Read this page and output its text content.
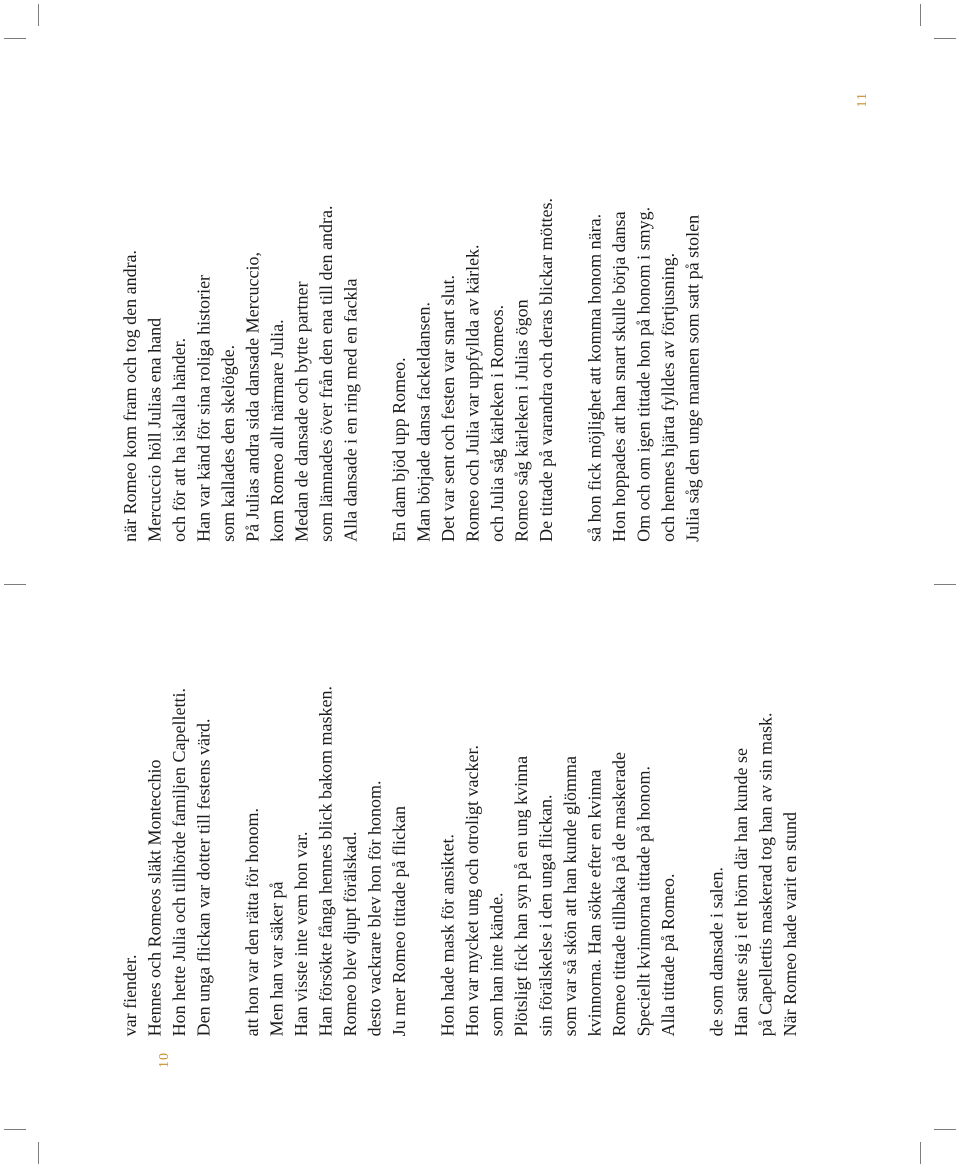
10
11
När Romeo hade varit en stund
på Capellettis maskerad tog han av sin mask.
Han satte sig i ett hörn där han kunde se
de som dansade i salen.
Alla tittade på Romeo.
Speciellt kvinnorna tittade på honom.
Romeo tittade tillbaka på de maskerade
kvinnorna. Han sökte efter en kvinna
som var så skön att han kunde glömma
sin förälskelse i den unga flickan.
Plötsligt fick han syn på en ung kvinna
som han inte kände.
Hon var mycket ung och otroligt vacker.
Hon hade mask för ansiktet.
Ju mer Romeo tittade på flickan
desto vackrare blev hon för honom.
Romeo blev djupt förälskad.
Han försökte fånga hennes blick bakom masken.
Han visste inte vem hon var.
Men han var säker på
att hon var den rätta för honom.
Den unga flickan var dotter till festens värd.
Hon hette Julia och tillhörde familjen Capelletti.
Hennes och Romeos släkt Montecchio
var fiender.
Julia såg den unge mannen som satt på stolen
och hennes hjärta fylldes av förtjusning.
Om och om igen tittade hon på honom i smyg.
Hon hoppades att han snart skulle börja dansa
så hon fick möjlighet att komma honom nära.
De tittade på varandra och deras blickar möttes.
Romeo såg kärleken i Julias ögon
och Julia såg kärleken i Romeos.
Romeo och Julia var uppfyllda av kärlek.
Det var sent och festen var snart slut.
Man började dansa fackeldansen.
En dam bjöd upp Romeo.
Alla dansade i en ring med en fackla
som lämnades över från den ena till den andra.
Medan de dansade och bytte partner
kom Romeo allt närmare Julia.
På Julias andra sida dansade Mercuccio,
som kallades den skelögde.
Han var känd för sina roliga historier
och för att ha iskalla händer.
Mercuccio höll Julias ena hand
när Romeo kom fram och tog den andra.
